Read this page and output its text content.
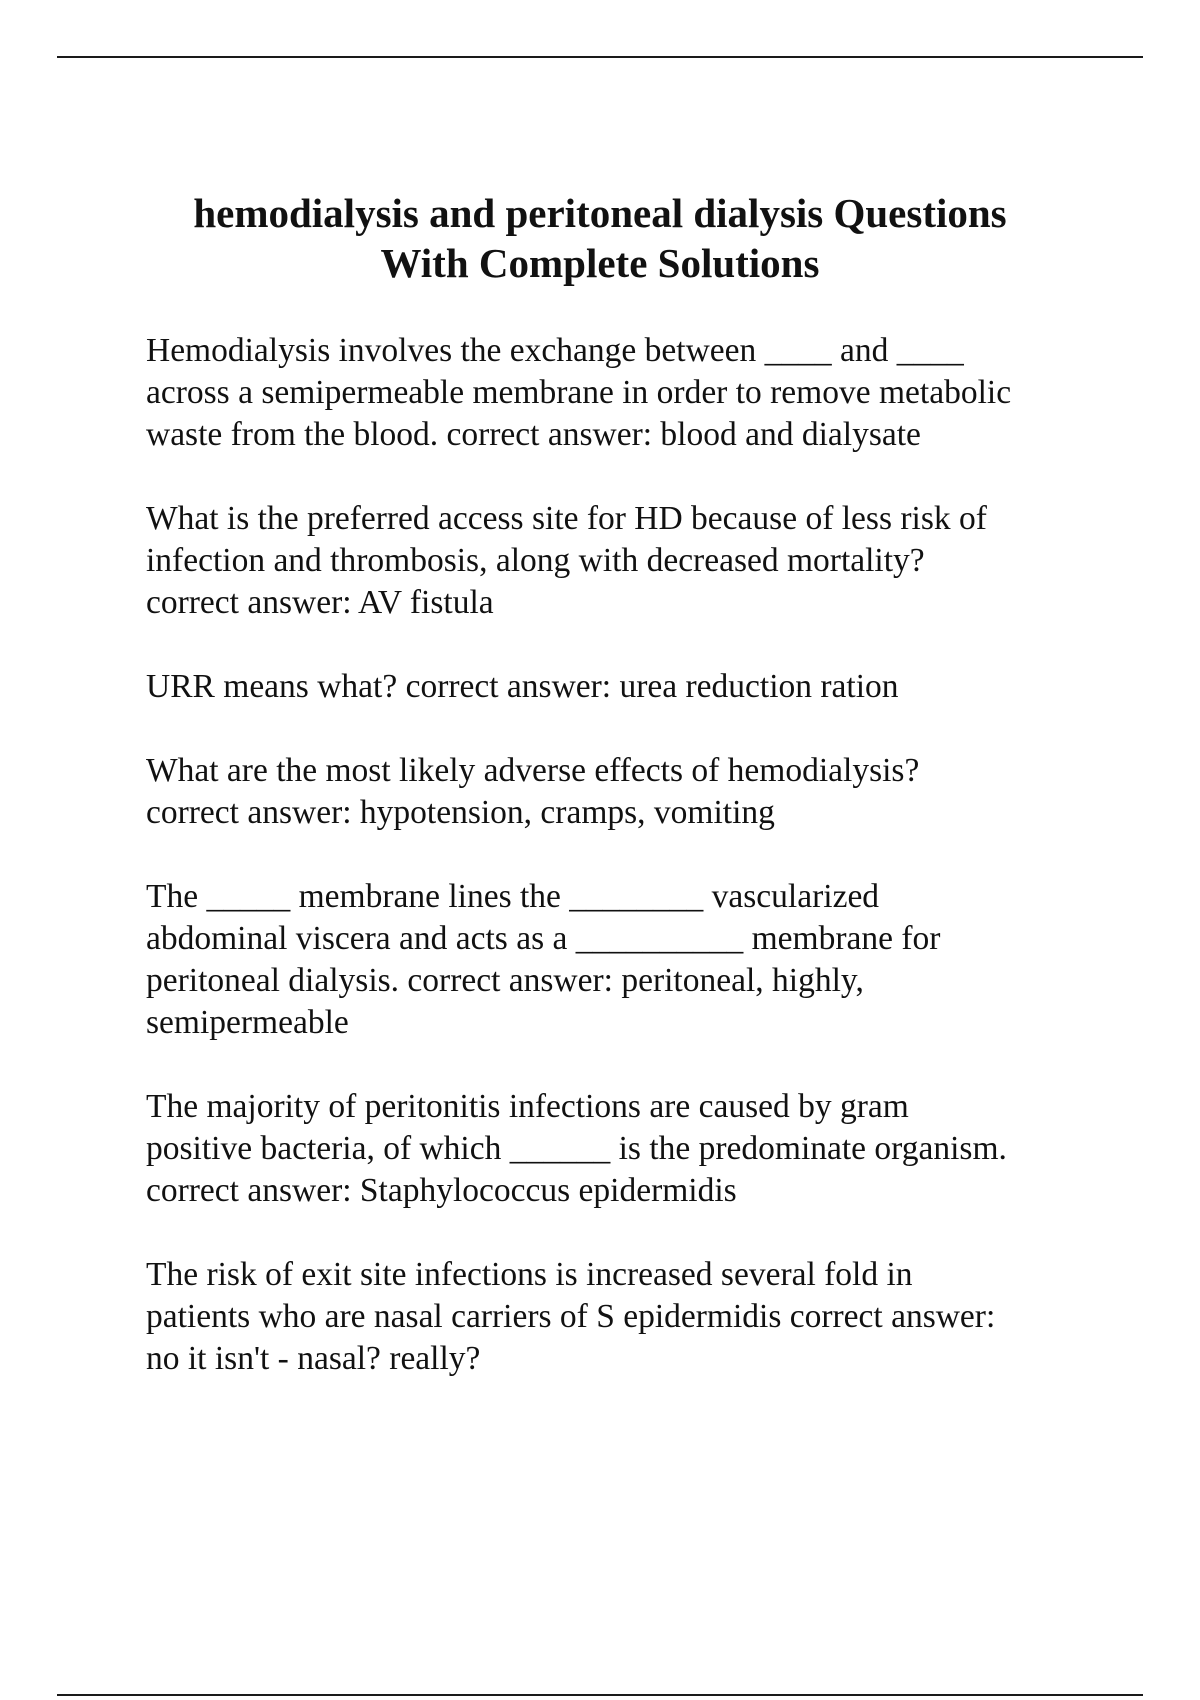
hemodialysis and peritoneal dialysis Questions
With Complete Solutions

Hemodialysis involves the exchange between ____ and ____
across a semipermeable membrane in order to remove metabolic
waste from the blood. correct answer: blood and dialysate

What is the preferred access site for HD because of less risk of
infection and thrombosis, along with decreased mortality?
correct answer: AV fistula

URR means what? correct answer: urea reduction ration

What are the most likely adverse effects of hemodialysis?
correct answer: hypotension, cramps, vomiting

The _____ membrane lines the ________ vascularized
abdominal viscera and acts as a __________ membrane for
peritoneal dialysis. correct answer: peritoneal, highly,
semipermeable

The majority of peritonitis infections are caused by gram
positive bacteria, of which ______ is the predominate organism.
correct answer: Staphylococcus epidermidis

The risk of exit site infections is increased several fold in
patients who are nasal carriers of S epidermidis correct answer:
no it isn't - nasal? really?
